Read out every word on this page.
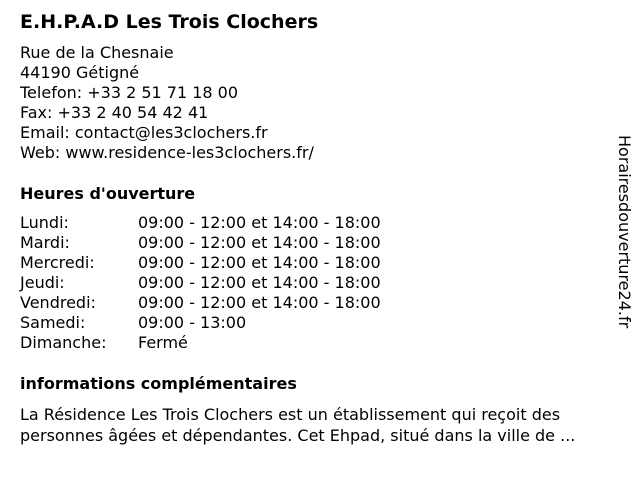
E.H.P.A.D Les Trois Clochers
Rue de la Chesnaie
44190 Gétigné
Telefon: +33 2 51 71 18 00
Fax: +33 2 40 54 42 41
Email: contact@les3clochers.fr
Web: www.residence-les3clochers.fr/
Heures d'ouverture
Lundi:	09:00 - 12:00 et 14:00 - 18:00
Mardi:	09:00 - 12:00 et 14:00 - 18:00
Mercredi:	09:00 - 12:00 et 14:00 - 18:00
Jeudi:	09:00 - 12:00 et 14:00 - 18:00
Vendredi:	09:00 - 12:00 et 14:00 - 18:00
Samedi:	09:00 - 13:00
Dimanche: Fermé
informations complémentaires
La Résidence Les Trois Clochers est un établissement qui reçoit des
personnes âgées et dépendantes. Cet Ehpad, situé dans la ville de ...
Horairesdouverture24.fr
